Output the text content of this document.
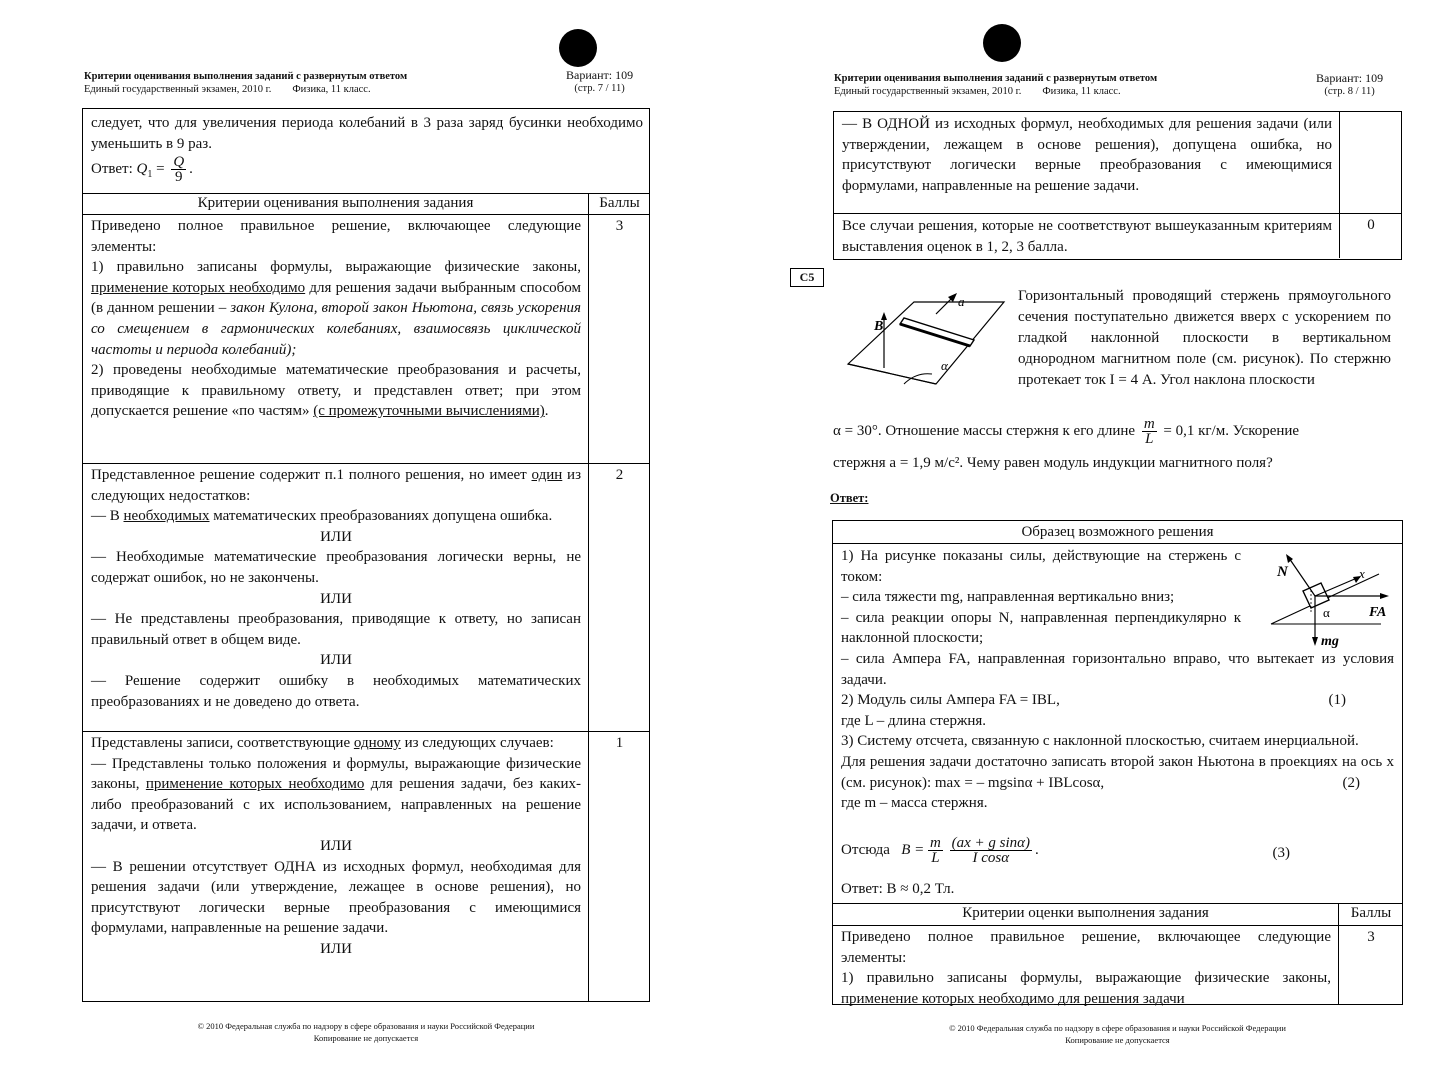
Критерии оценивания выполнения заданий с развернутым ответом
Единый государственный экзамен, 2010 г.        Физика, 11 класс.
Вариант: 109
(стр. 7 / 11)

следует, что для увеличения периода колебаний в 3 раза заряд бусинки необходимо уменьшить в 9 раз.

Ответ: $Q_1 = \frac{Q}{9}$ .
Критерии оценивания выполнения задания	Баллы

Приведено полное правильное решение, включающее следующие элементы:

1) правильно записаны формулы, выражающие физические законы, применение которых необходимо для решения задачи выбранным способом (в данном решении – закон Кулона, второй закон Ньютона, связь ускорения со смещением в гармонических колебаниях, взаимосвязь циклической частоты и периода колебаний);

2) проведены необходимые математические преобразования и расчеты, приводящие к правильному ответу, и представлен ответ; при этом допускается решение «по частям» (с промежуточными вычислениями).

3

Представленное решение содержит п.1 полного решения, но имеет один из следующих недостатков:

— В необходимых математических преобразованиях допущена ошибка.

ИЛИ

— Необходимые математические преобразования логически верны, не содержат ошибок, но не закончены.

ИЛИ

— Не представлены преобразования, приводящие к ответу, но записан правильный ответ в общем виде.

ИЛИ

— Решение содержит ошибку в необходимых математических преобразованиях и не доведено до ответа.

2

Представлены записи, соответствующие одному из следующих случаев:

— Представлены только положения и формулы, выражающие физические законы, применение которых необходимо для решения задачи, без каких-либо преобразований с их использованием, направленных на решение задачи, и ответа.

ИЛИ

— В решении отсутствует ОДНА из исходных формул, необходимая для решения задачи (или утверждение, лежащее в основе решения), но присутствуют логически верные преобразования с имеющимися формулами, направленные на решение задачи.

ИЛИ

1
© 2010 Федеральная служба по надзору в сфере образования и науки Российской Федерации
Копирование не допускается
Критерии оценивания выполнения заданий с развернутым ответом
Единый государственный экзамен, 2010 г.        Физика, 11 класс.
Вариант: 109
(стр. 8 / 11)

— В ОДНОЙ из исходных формул, необходимых для решения задачи (или утверждении, лежащем в основе решения), допущена ошибка, но присутствуют логически верные преобразования с имеющимися формулами, направленные на решение задачи.

Все случаи решения, которые не соответствуют вышеуказанным критериям выставления оценок в 1, 2, 3 балла.

0
C5
B
a
α

Горизонтальный проводящий стержень прямоугольного сечения поступательно движется вверх с ускорением по гладкой наклонной плоскости в вертикальном однородном магнитном поле (см. рисунок). По стержню протекает ток I = 4 А. Угол наклона плоскости

α = 30°. Отношение массы стержня к его длине $\frac{m}{L} = 0,1$ кг/м. Ускорение

стержня a = 1,9 м/с². Чему равен модуль индукции магнитного поля?

Ответ:
Образец возможного решения

1) На рисунке показаны силы, действующие на стержень с током:

– сила тяжести mg, направленная вертикально вниз;

– сила реакции опоры N, направленная перпендикулярно к наклонной плоскости;

N	x
α	FA
mg

– сила Ампера FA, направленная горизонтально вправо, что вытекает из условия задачи.

2) Модуль силы Ампера FA = IBL,	(1)

где L – длина стержня.

3) Систему отсчета, связанную с наклонной плоскостью, считаем инерциальной.

Для решения задачи достаточно записать второй закон Ньютона в проекциях на ось x (см. рисунок): max = – mgsinα + IBLcosα,	(2)

где m – масса стержня.

Отсюда $B = \frac{m}{L}$
$\frac{\text{(ax + g sinα)}}{\text{I cosα}}$ .	(3)
Ответ: B ≈ 0,2 Тл.
Критерии оценки выполнения задания	Баллы

Приведено полное правильное решение, включающее следующие элементы:

1) правильно записаны формулы, выражающие физические законы, применение которых необходимо для решения задачи

3
© 2010 Федеральная служба по надзору в сфере образования и науки Российской Федерации
Копирование не допускается
